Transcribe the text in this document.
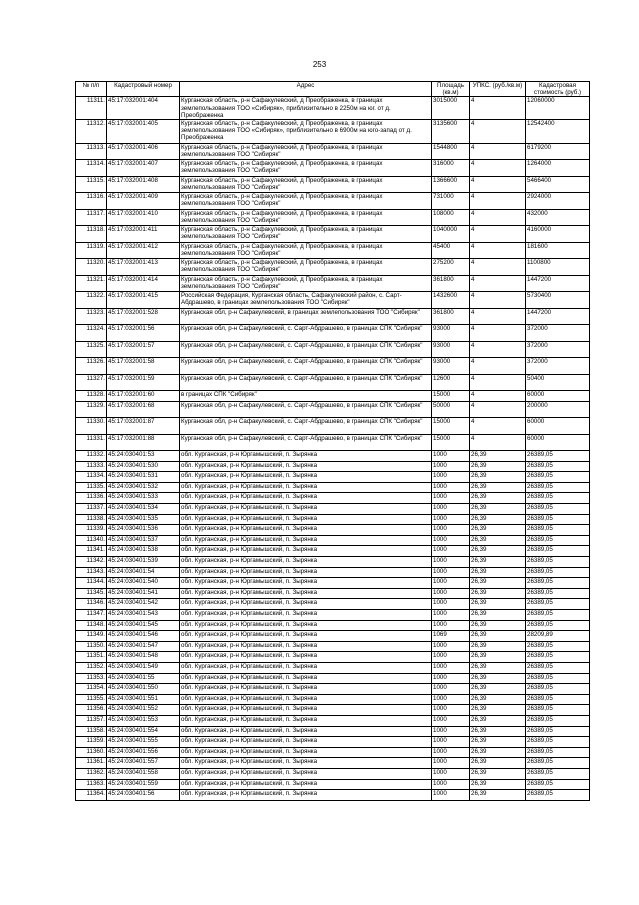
253
№ п/п	Кадастровый номер	Адрес	Площадь (кв.м)	УПКС. (руб./кв.м)	Кадастровая стоимость (руб.)
11311.	45:17:032001:404	Курганская область, р-н Сафакулевский, д Преображенка, в границах землепользования ТОО «Сибиряк», приблизительно в 2250м на юг. от д. Преображенка	3015000	4	12060000
11312.	45:17:032001:405	Курганская область, р-н Сафакулевский, д Преображенка, в границах землепользования ТОО «Сибиряк», приблизительно в 6900м на юго-запад от д. Преображенка	3135600	4	12542400
11313.	45:17:032001:406	Курганская область, р-н Сафакулевский, д Преображенка, в границах землепользования ТОО "Сибиряк"	1544800	4	6179200
11314.	45:17:032001:407	Курганская область, р-н Сафакулевский, д Преображенка, в границах землепользования ТОО "Сибиряк"	316000	4	1264000
11315.	45:17:032001:408	Курганская область, р-н Сафакулевский, д Преображенка, в границах землепользования ТОО "Сибиряк"	1366600	4	5466400
11316.	45:17:032001:409	Курганская область, р-н Сафакулевский, д Преображенка, в границах землепользования ТОО "Сибиряк"	731000	4	2924000
11317.	45:17:032001:410	Курганская область, р-н Сафакулевский, д Преображенка, в границах землепользования ТОО "Сибиряк"	108000	4	432000
11318.	45:17:032001:411	Курганская область, р-н Сафакулевский, д Преображенка, в границах землепользования ТОО "Сибиряк"	1040000	4	4160000
11319.	45:17:032001:412	Курганская область, р-н Сафакулевский, д Преображенка, в границах землепользования ТОО "Сибиряк"	45400	4	181600
11320.	45:17:032001:413	Курганская область, р-н Сафакулевский, д Преображенка, в границах землепользования ТОО "Сибиряк"	275200	4	1100800
11321.	45:17:032001:414	Курганская область, р-н Сафакулевский, д Преображенка, в границах землепользования ТОО "Сибиряк"	361800	4	1447200
11322.	45:17:032001:415	Российская Федерация, Курганская область, Сафакулевский район, с. Сарт-Абдрашево, в границах землепользования ТОО "Сибиряк"	1432600	4	5730400
11323.	45:17:032001:528	Курганская обл, р-н Сафакулевский, в границах землепользования ТОО "Сибиряк"	361800	4	1447200
11324.	45:17:032001:56	Курганская обл, р-н Сафакулевский, с. Сарт-Абдрашево, в границах СПК "Сибиряк"	93000	4	372000
11325.	45:17:032001:57	Курганская обл, р-н Сафакулевский, с. Сарт-Абдрашево, в границах СПК "Сибиряк"	93000	4	372000
11326.	45:17:032001:58	Курганская обл, р-н Сафакулевский, с. Сарт-Абдрашево, в границах СПК "Сибиряк"	93000	4	372000
11327.	45:17:032001:59	Курганская обл, р-н Сафакулевский, с. Сарт-Абдрашево, в границах СПК "Сибиряк"	12600	4	50400
11328.	45:17:032001:60	в границах СПК "Сибиряк"	15000	4	60000
11329.	45:17:032001:68	Курганская обл, р-н Сафакулевский, с. Сарт-Абдрашево, в границах СПК "Сибиряк"	50000	4	200000
11330.	45:17:032001:87	Курганская обл, р-н Сафакулевский, с. Сарт-Абдрашево, в границах СПК "Сибиряк"	15000	4	60000
11331.	45:17:032001:88	Курганская обл, р-н Сафакулевский, с. Сарт-Абдрашево, в границах СПК "Сибиряк"	15000	4	60000
11332.	45:24:030401:53	обл. Курганская, р-н Юргамышский, п. Зырянка	1000	26,39	26389,05
11333.	45:24:030401:530	обл. Курганская, р-н Юргамышский, п. Зырянка	1000	26,39	26389,05
11334.	45:24:030401:531	обл. Курганская, р-н Юргамышский, п. Зырянка	1000	26,39	26389,05
11335.	45:24:030401:532	обл. Курганская, р-н Юргамышский, п. Зырянка	1000	26,39	26389,05
11336.	45:24:030401:533	обл. Курганская, р-н Юргамышский, п. Зырянка	1000	26,39	26389,05
11337.	45:24:030401:534	обл. Курганская, р-н Юргамышский, п. Зырянка	1000	26,39	26389,05
11338.	45:24:030401:535	обл. Курганская, р-н Юргамышский, п. Зырянка	1000	26,39	26389,05
11339.	45:24:030401:536	обл. Курганская, р-н Юргамышский, п. Зырянка	1000	26,39	26389,05
11340.	45:24:030401:537	обл. Курганская, р-н Юргамышский, п. Зырянка	1000	26,39	26389,05
11341.	45:24:030401:538	обл. Курганская, р-н Юргамышский, п. Зырянка	1000	26,39	26389,05
11342.	45:24:030401:539	обл. Курганская, р-н Юргамышский, п. Зырянка	1000	26,39	26389,05
11343.	45:24:030401:54	обл. Курганская, р-н Юргамышский, п. Зырянка	1000	26,39	26389,05
11344.	45:24:030401:540	обл. Курганская, р-н Юргамышский, п. Зырянка	1000	26,39	26389,05
11345.	45:24:030401:541	обл. Курганская, р-н Юргамышский, п. Зырянка	1000	26,39	26389,05
11346.	45:24:030401:542	обл. Курганская, р-н Юргамышский, п. Зырянка	1000	26,39	26389,05
11347.	45:24:030401:543	обл. Курганская, р-н Юргамышский, п. Зырянка	1000	26,39	26389,05
11348.	45:24:030401:545	обл. Курганская, р-н Юргамышский, п. Зырянка	1000	26,39	26389,05
11349.	45:24:030401:546	обл. Курганская, р-н Юргамышский, п. Зырянка	1069	26,39	28209,89
11350.	45:24:030401:547	обл. Курганская, р-н Юргамышский, п. Зырянка	1000	26,39	26389,05
11351.	45:24:030401:548	обл. Курганская, р-н Юргамышский, п. Зырянка	1000	26,39	26389,05
11352.	45:24:030401:549	обл. Курганская, р-н Юргамышский, п. Зырянка	1000	26,39	26389,05
11353.	45:24:030401:55	обл. Курганская, р-н Юргамышский, п. Зырянка	1000	26,39	26389,05
11354.	45:24:030401:550	обл. Курганская, р-н Юргамышский, п. Зырянка	1000	26,39	26389,05
11355.	45:24:030401:551	обл. Курганская, р-н Юргамышский, п. Зырянка	1000	26,39	26389,05
11356.	45:24:030401:552	обл. Курганская, р-н Юргамышский, п. Зырянка	1000	26,39	26389,05
11357.	45:24:030401:553	обл. Курганская, р-н Юргамышский, п. Зырянка	1000	26,39	26389,05
11358.	45:24:030401:554	обл. Курганская, р-н Юргамышский, п. Зырянка	1000	26,39	26389,05
11359.	45:24:030401:555	обл. Курганская, р-н Юргамышский, п. Зырянка	1000	26,39	26389,05
11360.	45:24:030401:556	обл. Курганская, р-н Юргамышский, п. Зырянка	1000	26,39	26389,05
11361.	45:24:030401:557	обл. Курганская, р-н Юргамышский, п. Зырянка	1000	26,39	26389,05
11362.	45:24:030401:558	обл. Курганская, р-н Юргамышский, п. Зырянка	1000	26,39	26389,05
11363.	45:24:030401:559	обл. Курганская, р-н Юргамышский, п. Зырянка	1000	26,39	26389,05
11364.	45:24:030401:56	обл. Курганская, р-н Юргамышский, п. Зырянка	1000	26,39	26389,05
